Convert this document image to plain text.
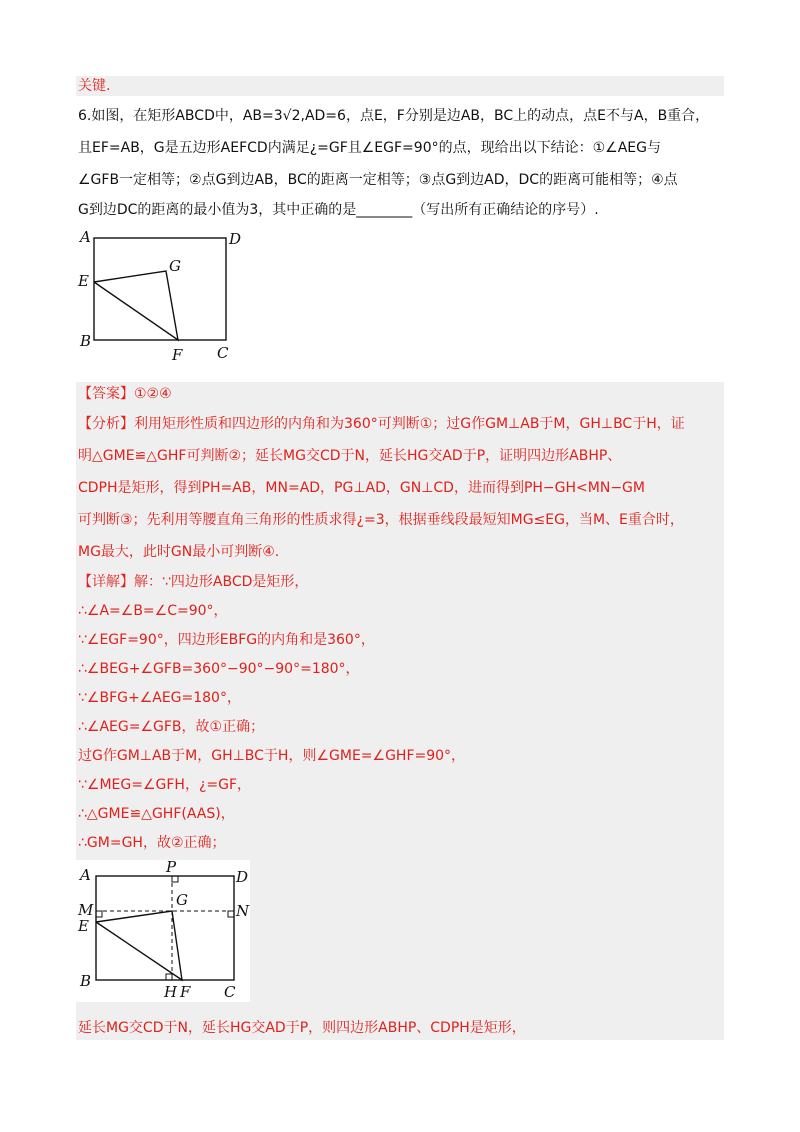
关键.
6.如图，在矩形ABCD中，AB=3√2,AD=6，点E，F分别是边AB，BC上的动点，点E不与A，B重合，
且EF=AB，G是五边形AEFCD内满足¿=GF且∠EGF=90°的点，现给出以下结论：①∠AEG与
∠GFB一定相等；②点G到边AB，BC的距离一定相等；③点G到边AD，DC的距离可能相等；④点
G到边DC的距离的最小值为3，其中正确的是________（写出所有正确结论的序号）.
A	D
E
G
B
F C
【答案】①②④
【分析】利用矩形性质和四边形的内角和为360°可判断①；过G作GM⊥AB于M，GH⊥BC于H，证
明△GME≌△GHF可判断②；延长MG交CD于N，延长HG交AD于P，证明四边形ABHP、
CDPH是矩形，得到PH=AB，MN=AD，PG⊥AD，GN⊥CD，进而得到PH−GH<MN−GM
可判断③；先利用等腰直角三角形的性质求得¿=3，根据垂线段最短知MG≤EG，当M、E重合时，
MG最大，此时GN最小可判断④.
【详解】解：∵四边形ABCD是矩形，
∴∠A=∠B=∠C=90°，
∵∠EGF=90°，四边形EBFG的内角和是360°，
∴∠BEG+∠GFB=360°−90°−90°=180°，
∵∠BFG+∠AEG=180°，
∴∠AEG=∠GFB，故①正确；
过G作GM⊥AB于M，GH⊥BC于H，则∠GME=∠GHF=90°，
∵∠MEG=∠GFH，¿=GF，
∴△GME≌△GHF(AAS)，
∴GM=GH，故②正确；
A	P
D
M
G
N
E
B
H F C
延长MG交CD于N，延长HG交AD于P，则四边形ABHP、CDPH是矩形，
